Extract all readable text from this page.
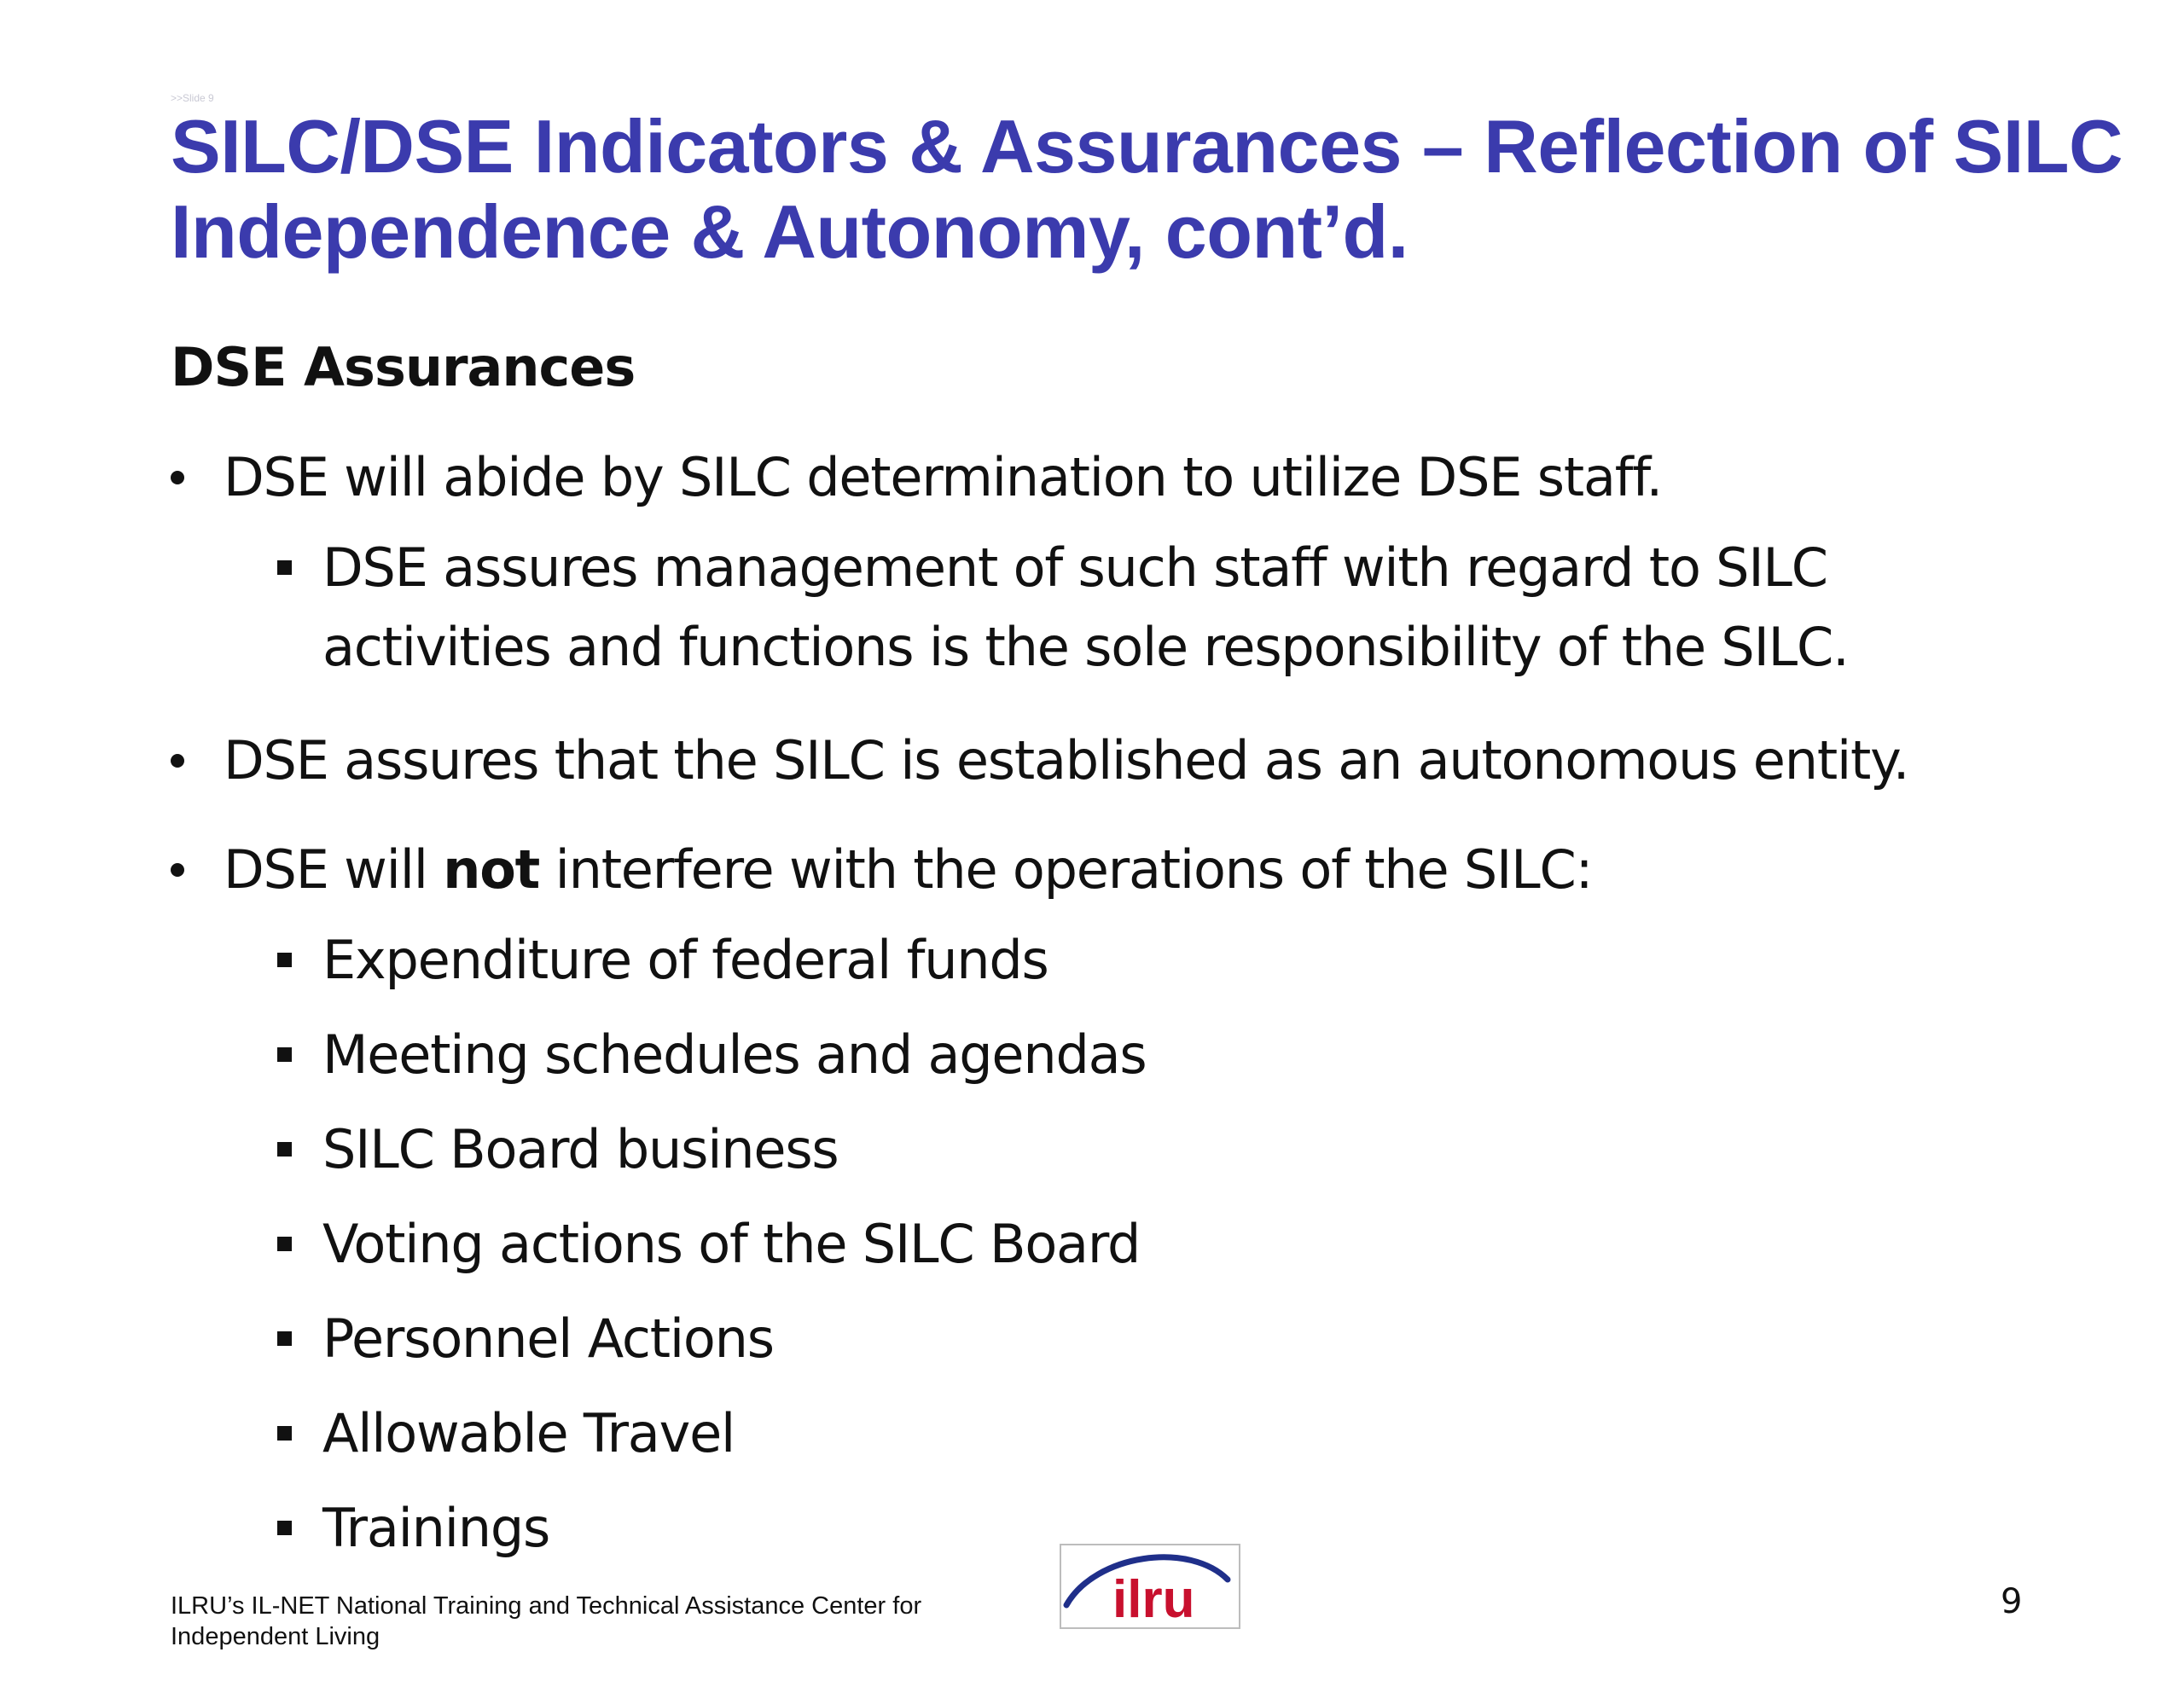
>>Slide 9
SILC/DSE Indicators & Assurances – Reflection of SILC Independence & Autonomy, cont’d.
DSE Assurances
DSE will abide by SILC determination to utilize DSE staff.
DSE assures management of such staff with regard to SILC
activities and functions is the sole responsibility of the SILC.
DSE assures that the SILC is established as an autonomous entity.
DSE will not interfere with the operations of the SILC:
Expenditure of federal funds
Meeting schedules and agendas
SILC Board business
Voting actions of the SILC Board
Personnel Actions
Allowable Travel
Trainings
ILRU’s IL-NET National Training and Technical Assistance Center for
Independent Living
ilru	9
